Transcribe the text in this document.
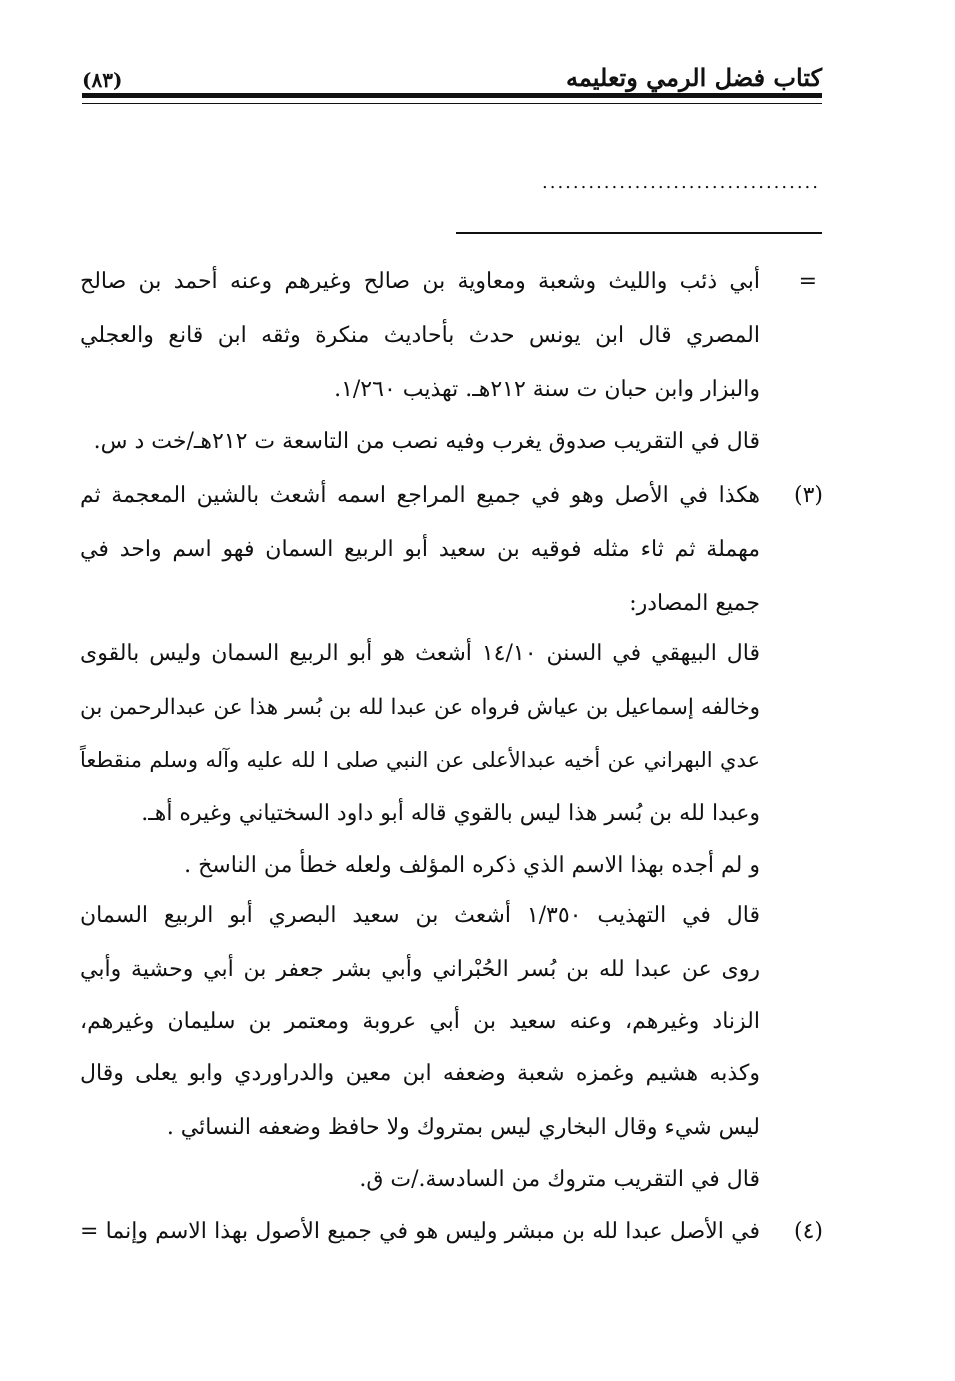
كتاب فضل الرمي وتعليمه
(٨٣)
....................................
=
(٣)
(٤)
أبي ذئب والليث وشعبة ومعاوية بن صالح وغيرهم وعنه أحمد بن صالح
المصري قال ابن يونس حدث بأحاديث منكرة وثقه ابن قانع والعجلي
والبزار وابن حبان ت سنة ٢١٢هـ. تهذيب ١/٢٦٠.
قال في التقريب صدوق يغرب وفيه نصب من التاسعة ت ٢١٢هـ/خت د س.
هكذا في الأصل وهو في جميع المراجع اسمه أشعث بالشين المعجمة ثم
مهملة ثم ثاء مثله فوقيه بن سعيد أبو الربيع السمان فهو اسم واحد في
جميع المصادر:
قال البيهقي في السنن ١٤/١٠ أشعث هو أبو الربيع السمان وليس بالقوى
وخالفه إسماعيل بن عياش فرواه عن عبدا لله بن بُسر هذا عن عبدالرحمن بن
عدي البهراني عن أخيه عبدالأعلى عن النبي صلى ا لله عليه وآله وسلم منقطعاً
وعبدا لله بن بُسر هذا ليس بالقوي قاله أبو داود السختياني وغيره أهـ.
و لم أجده بهذا الاسم الذي ذكره المؤلف ولعله خطأ من الناسخ .
قال في التهذيب ١/٣٥٠ أشعث بن سعيد البصري أبو الربيع السمان
روى عن عبدا لله بن بُسر الحُبْراني وأبي بشر جعفر بن أبي وحشية وأبي
الزناد وغيرهم، وعنه سعيد بن أبي عروبة ومعتمر بن سليمان وغيرهم،
وكذبه هشيم وغمزه شعبة وضعفه ابن معين والدراوردي وابو يعلى وقال
ليس شيء وقال البخاري ليس بمتروك ولا حافظ وضعفه النسائي .
قال في التقريب متروك من السادسة./ت ق.
في الأصل عبدا لله بن مبشر وليس هو في جميع الأصول بهذا الاسم وإنما =
